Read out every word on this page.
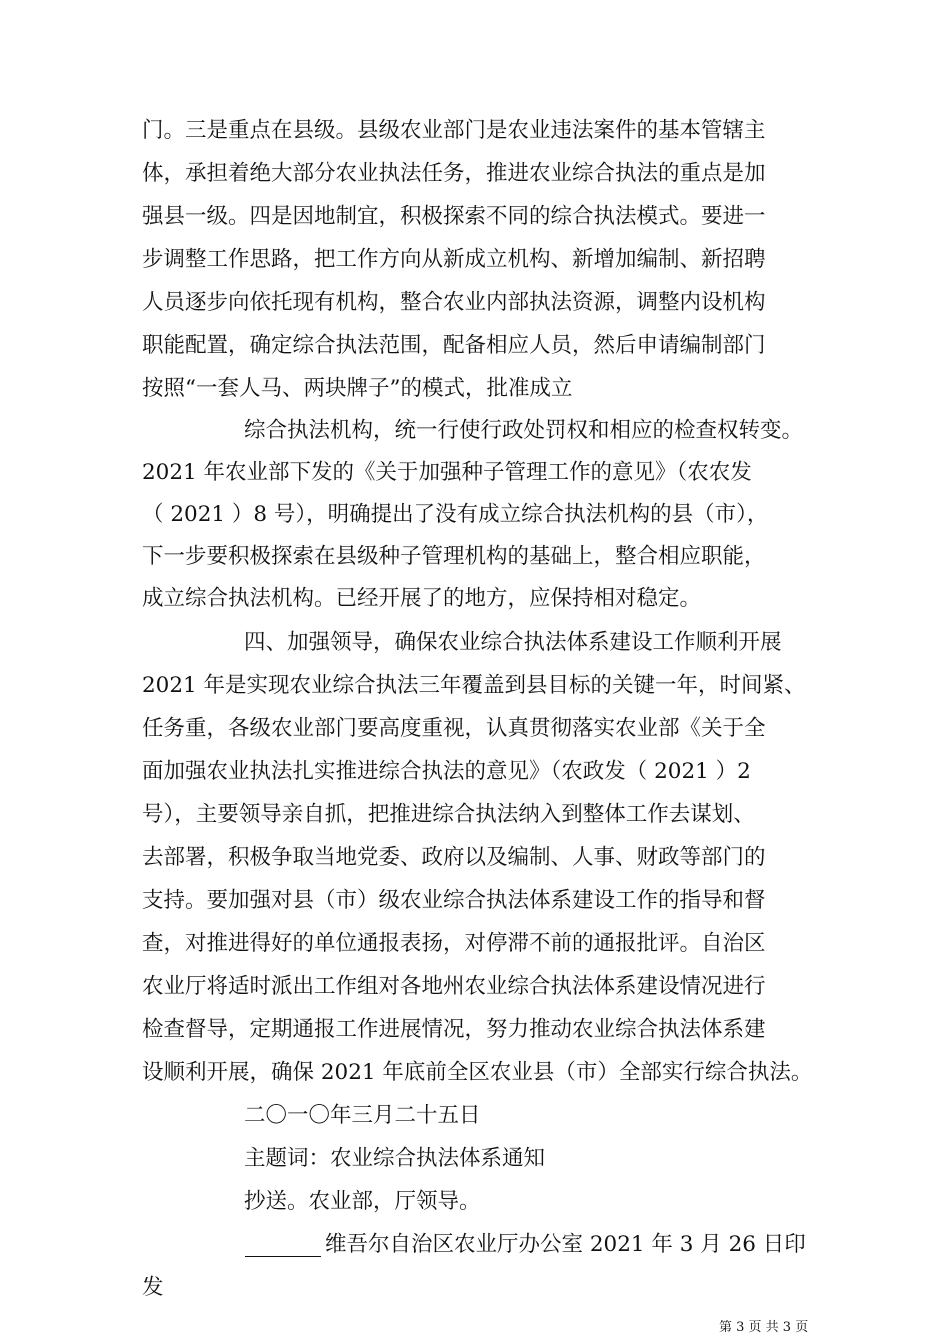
门。三是重点在县级。县级农业部门是农业违法案件的基本管辖主
体，承担着绝大部分农业执法任务，推进农业综合执法的重点是加
强县一级。四是因地制宜，积极探索不同的综合执法模式。要进一
步调整工作思路，把工作方向从新成立机构、新增加编制、新招聘
人员逐步向依托现有机构，整合农业内部执法资源，调整内设机构
职能配置，确定综合执法范围，配备相应人员，然后申请编制部门
按照“一套人马、两块牌子”的模式，批准成立
综合执法机构，统一行使行政处罚权和相应的检查权转变。
2021 年农业部下发的《关于加强种子管理工作的意见》（农农发
（ 2021 ）8 号），明确提出了没有成立综合执法机构的县（市），
下一步要积极探索在县级种子管理机构的基础上，整合相应职能，
成立综合执法机构。已经开展了的地方，应保持相对稳定。
四、加强领导，确保农业综合执法体系建设工作顺利开展
2021 年是实现农业综合执法三年覆盖到县目标的关键一年，时间紧、
任务重，各级农业部门要高度重视，认真贯彻落实农业部《关于全
面加强农业执法扎实推进综合执法的意见》（农政发（ 2021 ）2
号），主要领导亲自抓，把推进综合执法纳入到整体工作去谋划、
去部署，积极争取当地党委、政府以及编制、人事、财政等部门的
支持。要加强对县（市）级农业综合执法体系建设工作的指导和督
查，对推进得好的单位通报表扬，对停滞不前的通报批评。自治区
农业厅将适时派出工作组对各地州农业综合执法体系建设情况进行
检查督导，定期通报工作进展情况，努力推动农业综合执法体系建
设顺利开展，确保 2021 年底前全区农业县（市）全部实行综合执法。
二〇一〇年三月二十五日
主题词：农业综合执法体系通知
抄送。农业部，厅领导。
维吾尔自治区农业厅办公室 2021 年 3 月 26 日印
发
第 3 页 共 3 页
